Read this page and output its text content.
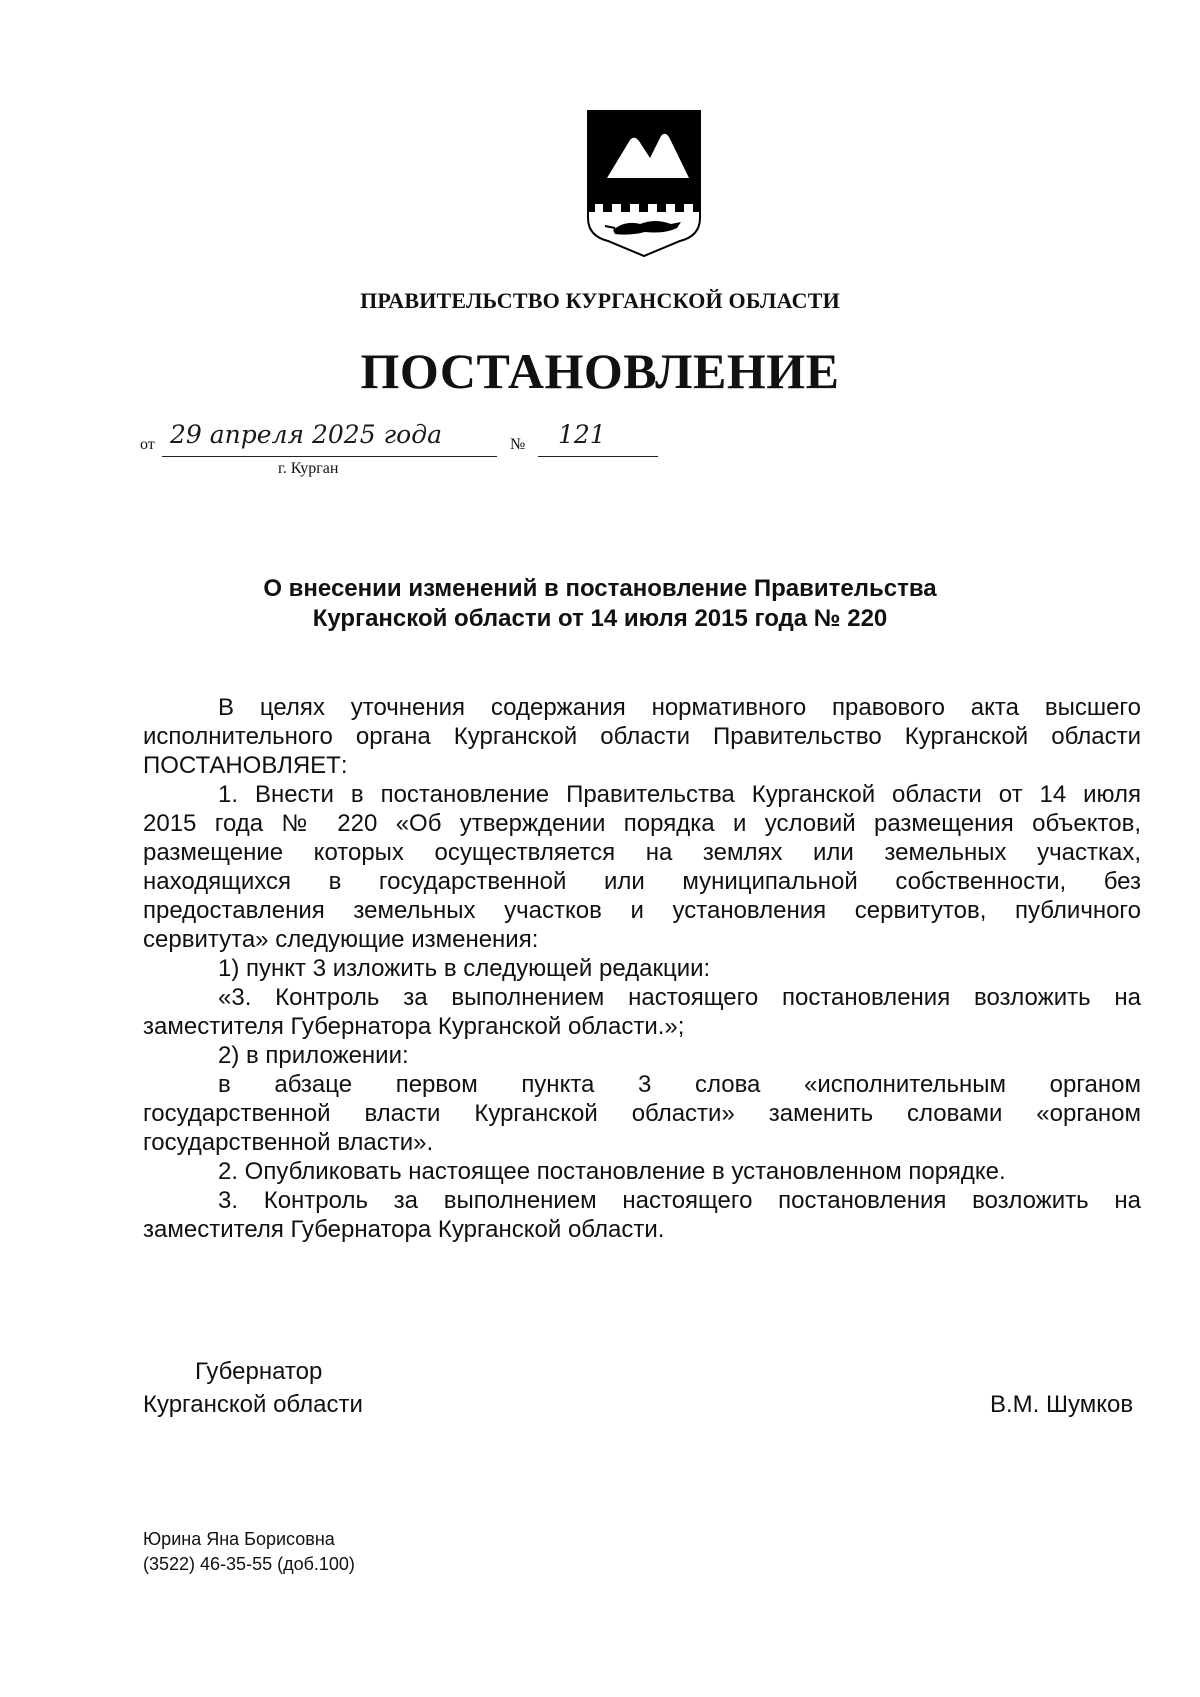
ПРАВИТЕЛЬСТВО КУРГАНСКОЙ ОБЛАСТИ
ПОСТАНОВЛЕНИЕ
от 29 апреля 2025 года	№ 121
г. Курган
О внесении изменений в постановление Правительства
Курганской области от 14 июля 2015 года № 220
В целях уточнения содержания нормативного правового акта высшего
исполнительного органа Курганской области Правительство Курганской области
ПОСТАНОВЛЯЕТ:
1. Внести в постановление Правительства Курганской области от 14 июля
2015 года № 220 «Об утверждении порядка и условий размещения объектов,
размещение которых осуществляется на землях или земельных участках,
находящихся в государственной или муниципальной собственности, без
предоставления земельных участков и установления сервитутов, публичного
сервитута» следующие изменения:
1) пункт 3 изложить в следующей редакции:
«3. Контроль за выполнением настоящего постановления возложить на
заместителя Губернатора Курганской области.»;
2) в приложении:
в абзаце первом пункта 3 слова «исполнительным органом
государственной власти Курганской области» заменить словами «органом
государственной власти».
2. Опубликовать настоящее постановление в установленном порядке.
3. Контроль за выполнением настоящего постановления возложить на
заместителя Губернатора Курганской области.
Губернатор
Курганской области	В.М. Шумков
Юрина Яна Борисовна
(3522) 46-35-55 (доб.100)
